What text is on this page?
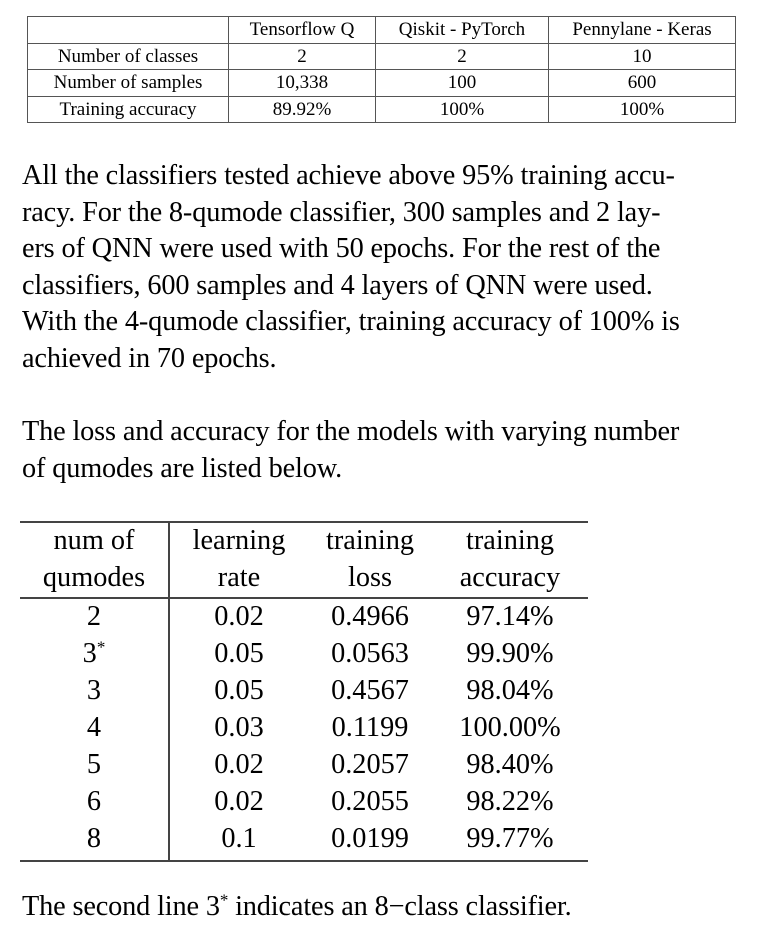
	Tensorflow Q	Qiskit - PyTorch	Pennylane - Keras
Number of classes	2	2	10
Number of samples	10,338	100	600
Training accuracy	89.92%	100%	100%

All the classifiers tested achieve above 95% training accu-
racy. For the 8-qumode classifier, 300 samples and 2 lay-
ers of QNN were used with 50 epochs. For the rest of the
classifiers, 600 samples and 4 layers of QNN were used.
With the 4-qumode classifier, training accuracy of 100% is
achieved in 70 epochs.

The loss and accuracy for the models with varying number
of qumodes are listed below.

num of	learning	training	training
qumodes	rate	loss	accuracy
2	0.02	0.4966	97.14%
3*	0.05	0.0563	99.90%
3	0.05	0.4567	98.04%
4	0.03	0.1199	100.00%
5	0.02	0.2057	98.40%
6	0.02	0.2055	98.22%
8	0.1	0.0199	99.77%

The second line 3* indicates an 8−class classifier.
